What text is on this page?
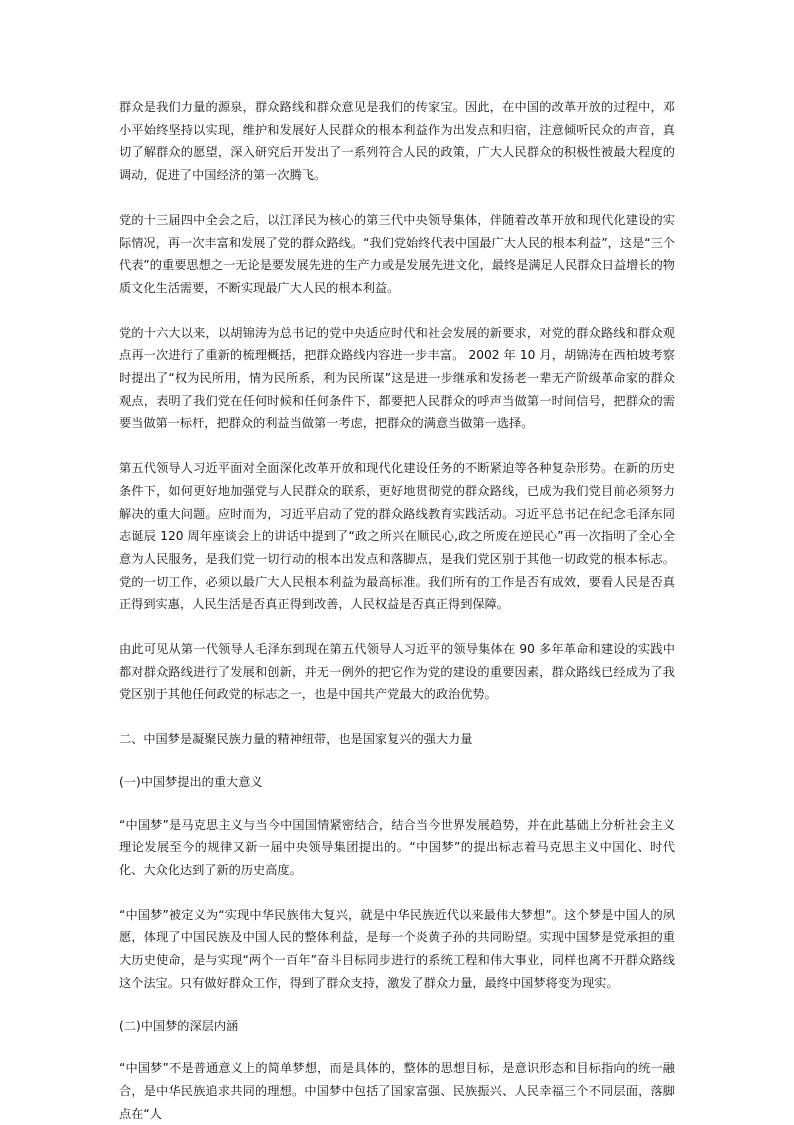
群众是我们力量的源泉，群众路线和群众意见是我们的传家宝。因此，在中国的改革开放的过程中，邓小平始终坚持以实现，维护和发展好人民群众的根本利益作为出发点和归宿，注意倾听民众的声音，真切了解群众的愿望，深入研究后开发出了一系列符合人民的政策，广大人民群众的积极性被最大程度的调动，促进了中国经济的第一次腾飞。

党的十三届四中全会之后，以江泽民为核心的第三代中央领导集体，伴随着改革开放和现代化建设的实际情况，再一次丰富和发展了党的群众路线。“我们党始终代表中国最广大人民的根本利益”，这是“三个代表”的重要思想之一无论是要发展先进的生产力或是发展先进文化，最终是满足人民群众日益增长的物质文化生活需要，不断实现最广大人民的根本利益。

党的十六大以来，以胡锦涛为总书记的党中央适应时代和社会发展的新要求，对党的群众路线和群众观点再一次进行了重新的梳理概括，把群众路线内容进一步丰富。 2002 年 10 月，胡锦涛在西柏坡考察时提出了“权为民所用，情为民所系，利为民所谋”这是进一步继承和发扬老一辈无产阶级革命家的群众观点，表明了我们党在任何时候和任何条件下，都要把人民群众的呼声当做第一时间信号，把群众的需要当做第一标杆，把群众的利益当做第一考虑，把群众的满意当做第一选择。

第五代领导人习近平面对全面深化改革开放和现代化建设任务的不断紧迫等各种复杂形势。在新的历史条件下，如何更好地加强党与人民群众的联系，更好地贯彻党的群众路线，已成为我们党目前必须努力解决的重大问题。应时而为，习近平启动了党的群众路线教育实践活动。习近平总书记在纪念毛泽东同志诞辰 120 周年座谈会上的讲话中提到了“政之所兴在顺民心,政之所废在逆民心”再一次指明了全心全意为人民服务，是我们党一切行动的根本出发点和落脚点，是我们党区别于其他一切政党的根本标志。党的一切工作，必须以最广大人民根本利益为最高标准。我们所有的工作是否有成效，要看人民是否真正得到实惠，人民生活是否真正得到改善，人民权益是否真正得到保障。

由此可见从第一代领导人毛泽东到现在第五代领导人习近平的领导集体在 90 多年革命和建设的实践中都对群众路线进行了发展和创新，并无一例外的把它作为党的建设的重要因素，群众路线已经成为了我党区别于其他任何政党的标志之一，也是中国共产党最大的政治优势。

二、中国梦是凝聚民族力量的精神纽带，也是国家复兴的强大力量

(一)中国梦提出的重大意义

“中国梦”是马克思主义与当今中国国情紧密结合，结合当今世界发展趋势，并在此基础上分析社会主义理论发展至今的规律又新一届中央领导集团提出的。“中国梦”的提出标志着马克思主义中国化、时代化、大众化达到了新的历史高度。

“中国梦”被定义为“实现中华民族伟大复兴，就是中华民族近代以来最伟大梦想”。这个梦是中国人的夙愿，体现了中国民族及中国人民的整体利益，是每一个炎黄子孙的共同盼望。实现中国梦是党承担的重大历史使命，是与实现“两个一百年”奋斗目标同步进行的系统工程和伟大事业，同样也离不开群众路线这个法宝。只有做好群众工作，得到了群众支持，激发了群众力量，最终中国梦将变为现实。

(二)中国梦的深层内涵

“中国梦”不是普通意义上的简单梦想，而是具体的，整体的思想目标，是意识形态和目标指向的统一融合，是中华民族追求共同的理想。中国梦中包括了国家富强、民族振兴、人民幸福三个不同层面，落脚点在“人
